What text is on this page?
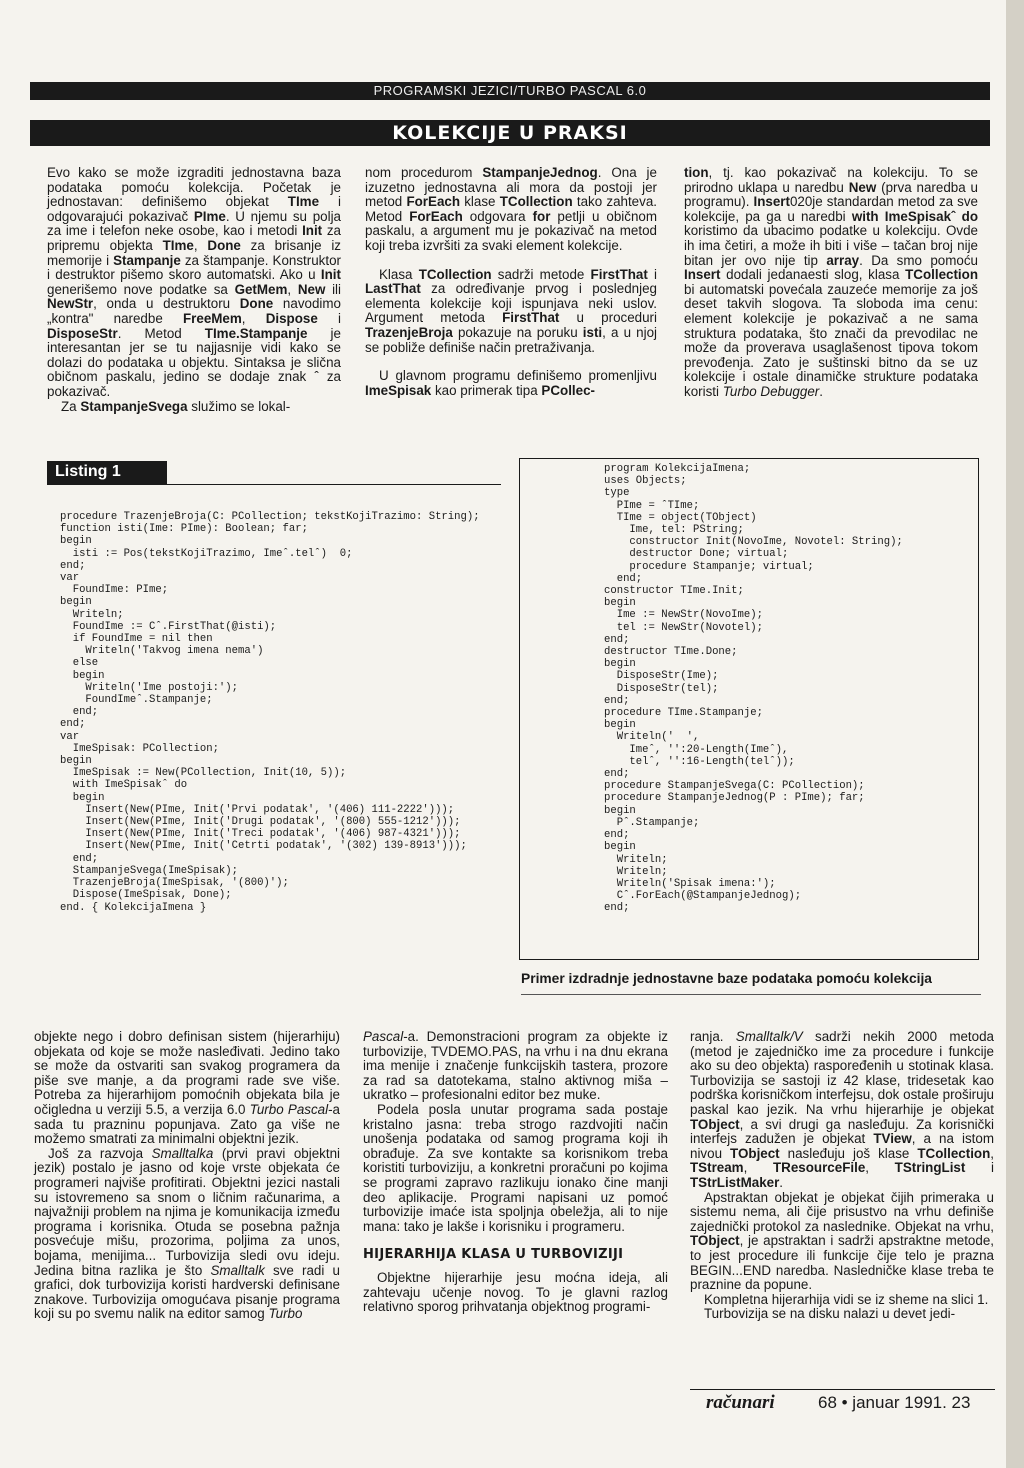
PROGRAMSKI JEZICI/TURBO PASCAL 6.0
KOLEKCIJE U PRAKSI

Evo kako se može izgraditi jednostavna baza podataka pomoću kolekcija. Početak je jednostavan: definišemo objekat TIme i odgovarajući pokazivač PIme. U njemu su polja za ime i telefon neke osobe, kao i metodi Init za pripremu objekta TIme, Done za brisanje iz memorije i Stampanje za štampanje. Konstruktor i destruktor pišemo skoro automatski. Ako u Init generišemo nove podatke sa GetMem, New ili NewStr, onda u destruktoru Done navodimo „kontra" naredbe FreeMem, Dispose i DisposeStr. Metod TIme.Stampanje je interesantan jer se tu najjasnije vidi kako se dolazi do podataka u objektu. Sintaksa je slična običnom paskalu, jedino se dodaje znak ˆ za pokazivač.

Za StampanjeSvega služimo se lokal-

nom procedurom StampanjeJednog. Ona je izuzetno jednostavna ali mora da postoji jer metod ForEach klase TCollection tako zahteva. Metod ForEach odgovara for petlji u običnom paskalu, a argument mu je pokazivač na metod koji treba izvršiti za svaki element kolekcije.

Klasa TCollection sadrži metode FirstThat i LastThat za određivanje prvog i poslednjeg elementa kolekcije koji ispunjava neki uslov. Argument metoda FirstThat u proceduri TrazenjeBroja pokazuje na poruku isti, a u njoj se pobliže definiše način pretraživanja.

U glavnom programu definišemo promenljivu ImeSpisak kao primerak tipa PCollec-

tion, tj. kao pokazivač na kolekciju. To se prirodno uklapa u naredbu New (prva naredba u programu). Insert020je standardan metod za sve kolekcije, pa ga u naredbi with ImeSpisakˆ do koristimo da ubacimo podatke u kolekciju. Ovde ih ima četiri, a može ih biti i više – tačan broj nije bitan jer ovo nije tip array. Da smo pomoću Insert dodali jedanaesti slog, klasa TCollection bi automatski povećala zauzeće memorije za još deset takvih slogova. Ta sloboda ima cenu: element kolekcije je pokazivač a ne sama struktura podataka, što znači da prevodilac ne može da proverava usaglašenost tipova tokom prevođenja. Zato je suštinski bitno da se uz kolekcije i ostale dinamičke strukture podataka koristi Turbo Debugger.

Listing 1
procedure TrazenjeBroja(C: PCollection; tekstKojiTrazimo: String);
function isti(Ime: PIme): Boolean; far;
begin
isti := Pos(tekstKojiTrazimo, Imeˆ.telˆ)  0;
end;
var
FoundIme: PIme;
begin
Writeln;
FoundIme := Cˆ.FirstThat(@isti);
if FoundIme = nil then
Writeln('Takvog imena nema')
else
begin
Writeln('Ime postoji:');
FoundImeˆ.Stampanje;
end;
end;
var
ImeSpisak: PCollection;
begin
ImeSpisak := New(PCollection, Init(10, 5));
with ImeSpisakˆ do
begin
Insert(New(PIme, Init('Prvi podatak', '(406) 111-2222')));
Insert(New(PIme, Init('Drugi podatak', '(800) 555-1212')));
Insert(New(PIme, Init('Treci podatak', '(406) 987-4321')));
Insert(New(PIme, Init('Cetrti podatak', '(302) 139-8913')));
end;
StampanjeSvega(ImeSpisak);
TrazenjeBroja(ImeSpisak, '(800)');
Dispose(ImeSpisak, Done);
end. { KolekcijaImena }
program KolekcijaImena;
uses Objects;
type
PIme = ˆTIme;
TIme = object(TObject)
Ime, tel: PString;
constructor Init(NovoIme, Novotel: String);
destructor Done; virtual;
procedure Stampanje; virtual;
end;
constructor TIme.Init;
begin
Ime := NewStr(NovoIme);
tel := NewStr(Novotel);
end;
destructor TIme.Done;
begin
DisposeStr(Ime);
DisposeStr(tel);
end;
procedure TIme.Stampanje;
begin
Writeln('  ',
Imeˆ, '':20-Length(Imeˆ),
telˆ, '':16-Length(telˆ));
end;
procedure StampanjeSvega(C: PCollection);
procedure StampanjeJednog(P : PIme); far;
begin
Pˆ.Stampanje;
end;
begin
Writeln;
Writeln;
Writeln('Spisak imena:');
Cˆ.ForEach(@StampanjeJednog);
end;
Primer izdradnje jednostavne baze podataka pomoću kolekcija

objekte nego i dobro definisan sistem (hijerarhiju) objekata od koje se može nasleđivati. Jedino tako se može da ostvariti san svakog programera da piše sve manje, a da programi rade sve više. Potreba za hijerarhijom pomoćnih objekata bila je očigledna u verziji 5.5, a verzija 6.0 Turbo Pascal-a sada tu prazninu popunjava. Zato ga više ne možemo smatrati za minimalni objektni jezik.

Još za razvoja Smalltalka (prvi pravi objektni jezik) postalo je jasno od koje vrste objekata će programeri najviše profitirati. Objektni jezici nastali su istovremeno sa snom o ličnim računarima, a najvažniji problem na njima je komunikacija između programa i korisnika. Otuda se posebna pažnja posvećuje mišu, prozorima, poljima za unos, bojama, menijima... Turbovizija sledi ovu ideju. Jedina bitna razlika je što Smalltalk sve radi u grafici, dok turbovizija koristi hardverski definisane znakove. Turbovizija omogućava pisanje programa koji su po svemu nalik na editor samog Turbo

Pascal-a. Demonstracioni program za objekte iz turbovizije, TVDEMO.PAS, na vrhu i na dnu ekrana ima menije i značenje funkcijskih tastera, prozore za rad sa datotekama, stalno aktivnog miša – ukratko – profesionalni editor bez muke.

Podela posla unutar programa sada postaje kristalno jasna: treba strogo razdvojiti način unošenja podataka od samog programa koji ih obrađuje. Za sve kontakte sa korisnikom treba koristiti turboviziju, a konkretni proračuni po kojima se programi zapravo razlikuju ionako čine manji deo aplikacije. Programi napisani uz pomoć turbovizije imaće ista spoljnja obeležja, ali to nije mana: tako je lakše i korisniku i programeru.

HIJERARHIJA KLASA U TURBOVIZIJI

Objektne hijerarhije jesu moćna ideja, ali zahtevaju učenje novog. To je glavni razlog relativno sporog prihvatanja objektnog programi-

ranja. Smalltalk/V sadrži nekih 2000 metoda (metod je zajedničko ime za procedure i funkcije ako su deo objekta) raspoređenih u stotinak klasa. Turbovizija se sastoji iz 42 klase, tridesetak kao podrška korisničkom interfejsu, dok ostale proširuju paskal kao jezik. Na vrhu hijerarhije je objekat TObject, a svi drugi ga nasleđuju. Za korisnički interfejs zadužen je objekat TView, a na istom nivou TObject nasleđuju još klase TCollection, TStream, TResourceFile, TStringList i TStrListMaker.

Apstraktan objekat je objekat čijih primeraka u sistemu nema, ali čije prisustvo na vrhu definiše zajednički protokol za naslednike. Objekat na vrhu, TObject, je apstraktan i sadrži apstraktne metode, to jest procedure ili funkcije čije telo je prazna BEGIN...END naredba. Nasledničke klase treba te praznine da popune.

Kompletna hijerarhija vidi se iz sheme na slici 1.

Turbovizija se na disku nalazi u devet jedi-

računari	68 • januar 1991. 23
